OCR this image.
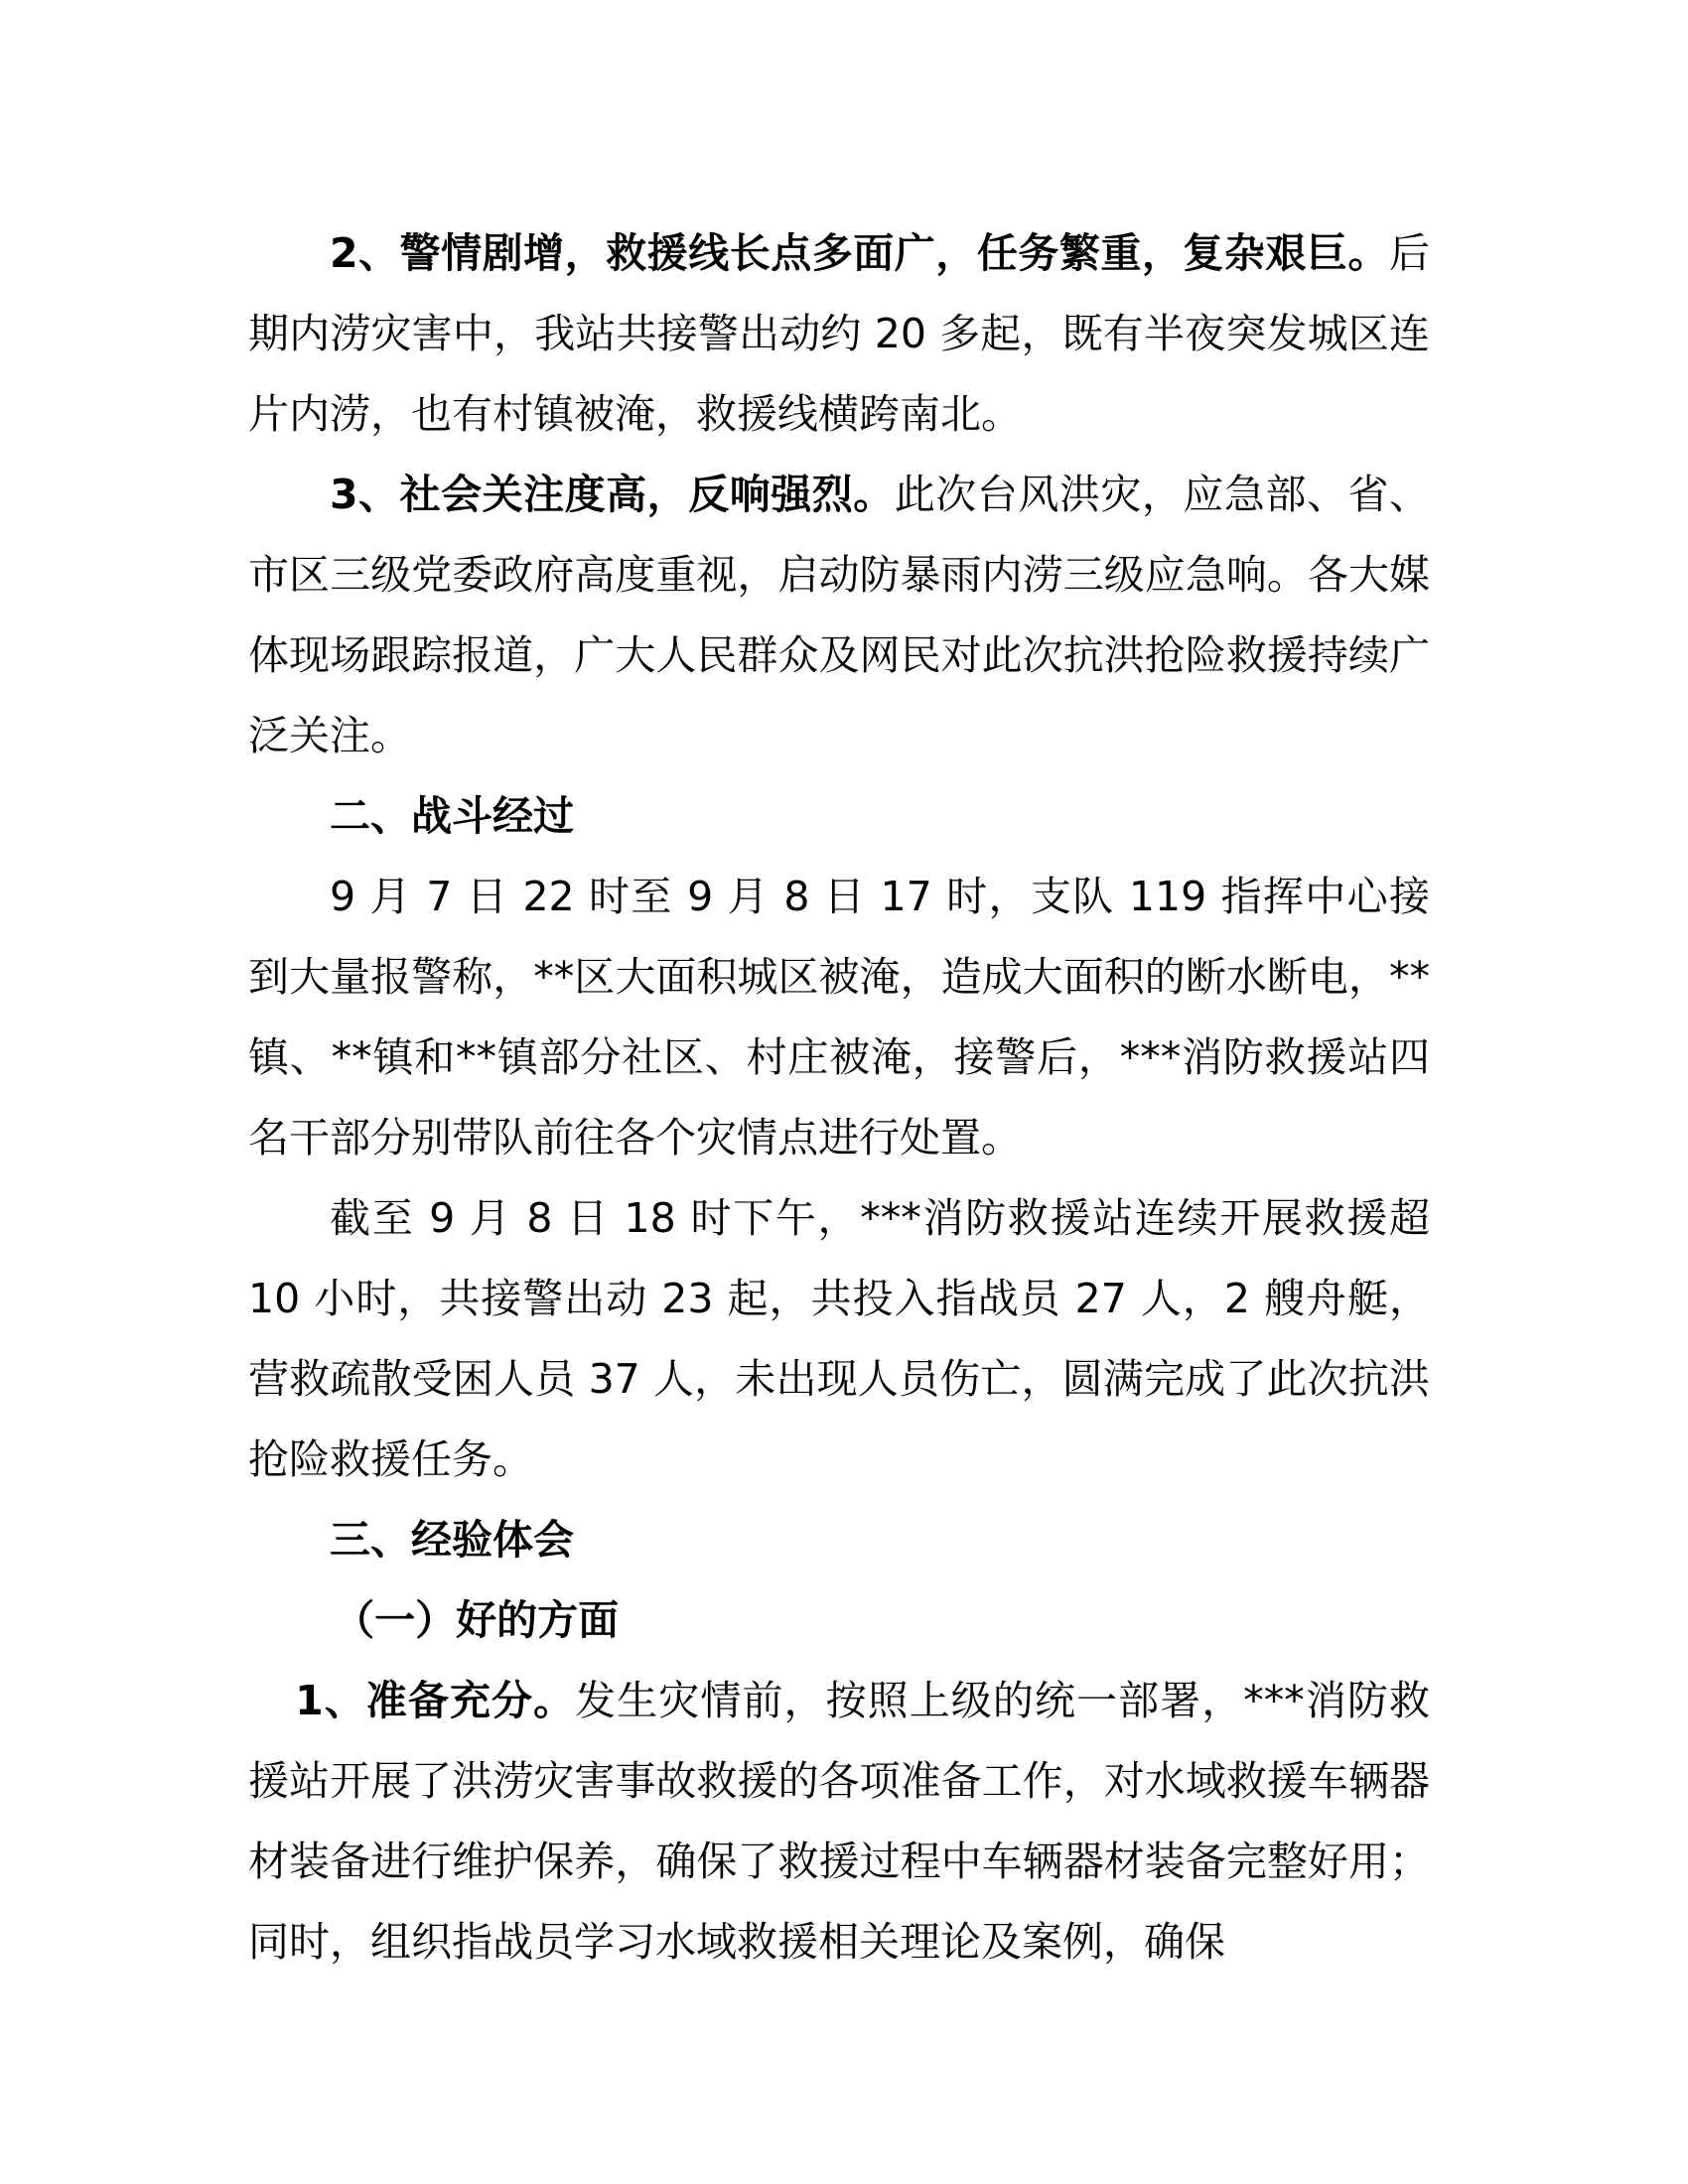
2、警情剧增，救援线长点多面广，任务繁重，复杂艰巨。后期内涝灾害中，我站共接警出动约 20 多起，既有半夜突发城区连片内涝，也有村镇被淹，救援线横跨南北。

3、社会关注度高，反响强烈。此次台风洪灾，应急部、省、市区三级党委政府高度重视，启动防暴雨内涝三级应急响。各大媒体现场跟踪报道，广大人民群众及网民对此次抗洪抢险救援持续广泛关注。

二、战斗经过

9 月 7 日 22 时至 9 月 8 日 17 时，支队 119 指挥中心接到大量报警称，**区大面积城区被淹，造成大面积的断水断电，**镇、**镇和**镇部分社区、村庄被淹，接警后，***消防救援站四名干部分别带队前往各个灾情点进行处置。

截至 9 月 8 日 18 时下午，***消防救援站连续开展救援超 10 小时，共接警出动 23 起，共投入指战员 27 人，2 艘舟艇，营救疏散受困人员 37 人，未出现人员伤亡，圆满完成了此次抗洪抢险救援任务。

三、经验体会

（一）好的方面

1、准备充分。发生灾情前，按照上级的统一部署，***消防救援站开展了洪涝灾害事故救援的各项准备工作，对水域救援车辆器材装备进行维护保养，确保了救援过程中车辆器材装备完整好用；同时，组织指战员学习水域救援相关理论及案例，确保
